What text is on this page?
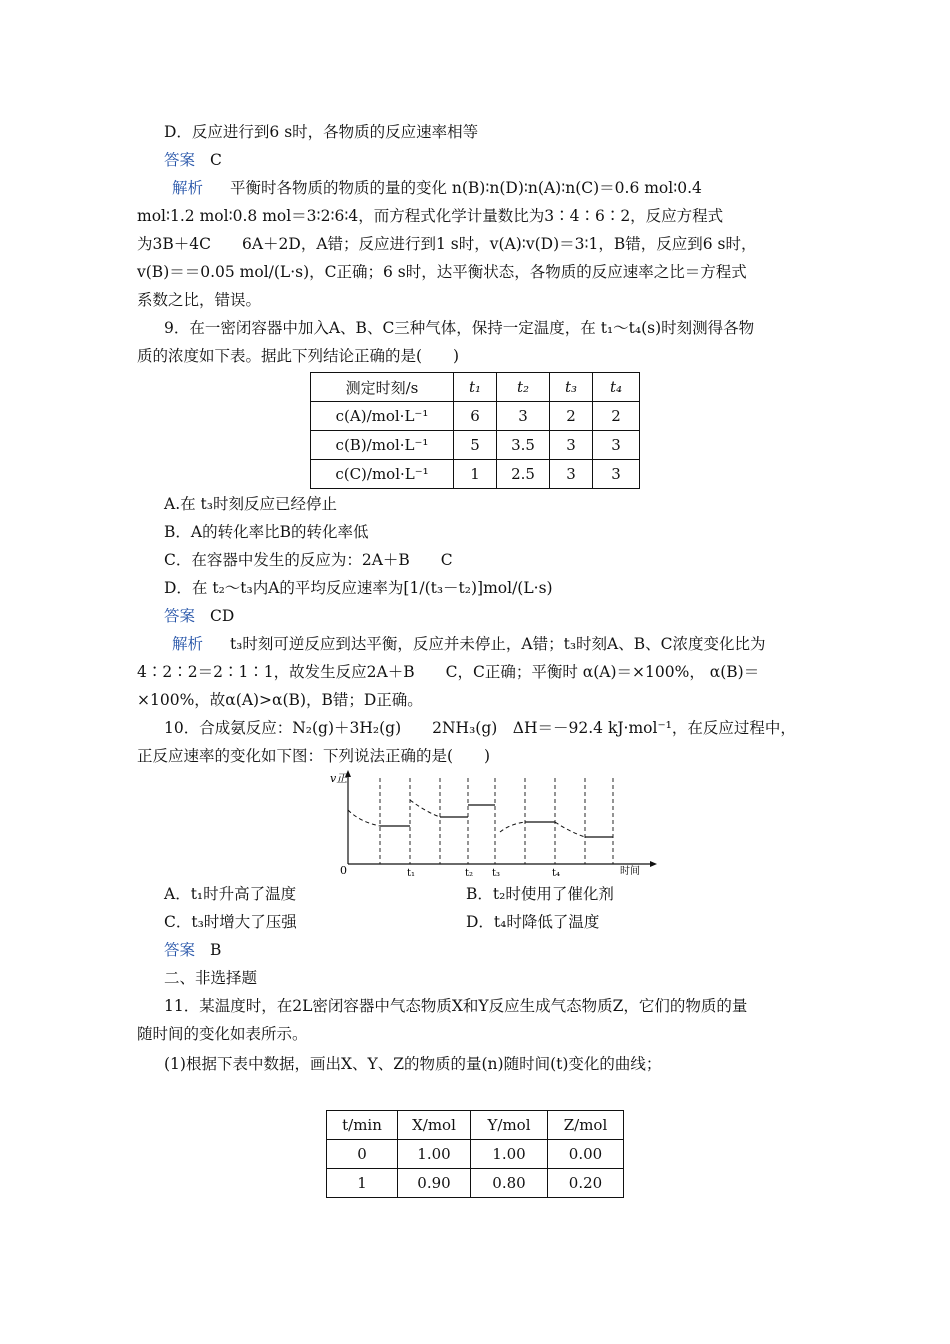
D．反应进行到6 s时，各物质的反应速率相等
答案 C
解析 平衡时各物质的物质的量的变化 n(B)∶n(D)∶n(A)∶n(C)＝0.6 mol∶0.4
mol∶1.2 mol∶0.8 mol＝3∶2∶6∶4，而方程式化学计量数比为3∶4∶6∶2，反应方程式
为3B＋4C　　6A＋2D，A错；反应进行到1 s时，v(A)∶v(D)＝3∶1，B错，反应到6 s时，
v(B)＝＝0.05 mol/(L·s)，C正确；6 s时，达平衡状态，各物质的反应速率之比＝方程式
系数之比，错误。
9．在一密闭容器中加入A、B、C三种气体，保持一定温度，在 t₁～t₄(s)时刻测得各物
质的浓度如下表。据此下列结论正确的是(　　)
测定时刻/s	t₁	t₂	t₃	t₄
c(A)/mol·L⁻¹	6	3	2	2
c(B)/mol·L⁻¹	5	3.5	3	3
c(C)/mol·L⁻¹	1	2.5	3	3
A.在 t₃时刻反应已经停止
B．A的转化率比B的转化率低
C．在容器中发生的反应为：2A＋B　　C
D．在 t₂～t₃内A的平均反应速率为[1/(t₃－t₂)]mol/(L·s)
答案 CD
解析 t₃时刻可逆反应到达平衡，反应并未停止，A错；t₃时刻A、B、C浓度变化比为
4∶2∶2＝2∶1∶1，故发生反应2A＋B　　C，C正确；平衡时 α(A)＝×100%， α(B)＝
×100%，故α(A)>α(B)，B错；D正确。
10．合成氨反应：N₂(g)＋3H₂(g)　　2NH₃(g)　ΔH＝－92.4 kJ·mol⁻¹，在反应过程中，
正反应速率的变化如下图：下列说法正确的是(　　)
v正
0	时间
t₁	t₂ t₃	t₄
A．t₁时升高了温度	B．t₂时使用了催化剂
C．t₃时增大了压强	D．t₄时降低了温度
答案 B
二、非选择题
11．某温度时，在2L密闭容器中气态物质X和Y反应生成气态物质Z，它们的物质的量
随时间的变化如表所示。
(1)根据下表中数据，画出X、Y、Z的物质的量(n)随时间(t)变化的曲线；
t/min	X/mol	Y/mol	Z/mol
0	1.00	1.00	0.00
1	0.90	0.80	0.20
